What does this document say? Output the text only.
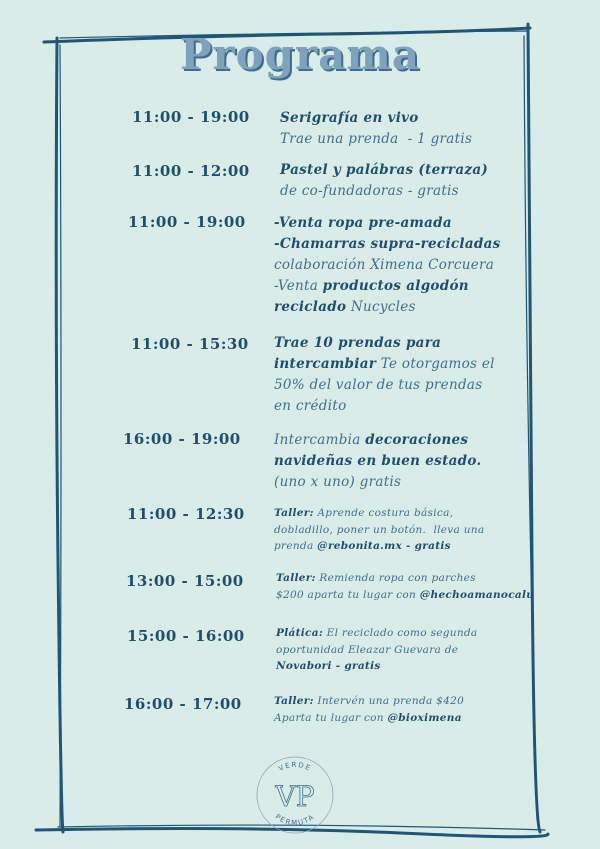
Programa
11:00 - 19:00	Serigrafía en vivo
Trae una prenda  - 1 gratis
11:00 - 12:00	Pastel y palábras (terraza)
de co-fundadoras - gratis
11:00 - 19:00	-Venta ropa pre-amada
-Chamarras supra-recicladas
colaboración Ximena Corcuera
-Venta productos algodón
reciclado Nucycles
11:00 - 15:30	Trae 10 prendas para
intercambiar Te otorgamos el
50% del valor de tus prendas
en crédito
16:00 - 19:00	Intercambia decoraciones
navideñas en buen estado.
(uno x uno) gratis
11:00 - 12:30	Taller: Aprende costura básica,
dobladillo, poner un botón.  lleva una
prenda @rebonita.mx - gratis
13:00 - 15:00	Taller: Remienda ropa con parches
$200 aparta tu lugar con @hechoamanocalu
15:00 - 16:00	Plática: El reciclado como segunda
oportunidad Eleazar Guevara de
Novabori - gratis
16:00 - 17:00	Taller: Intervén una prenda $420
Aparta tu lugar con @bioximena
VERDE
PERMUTA
VP
